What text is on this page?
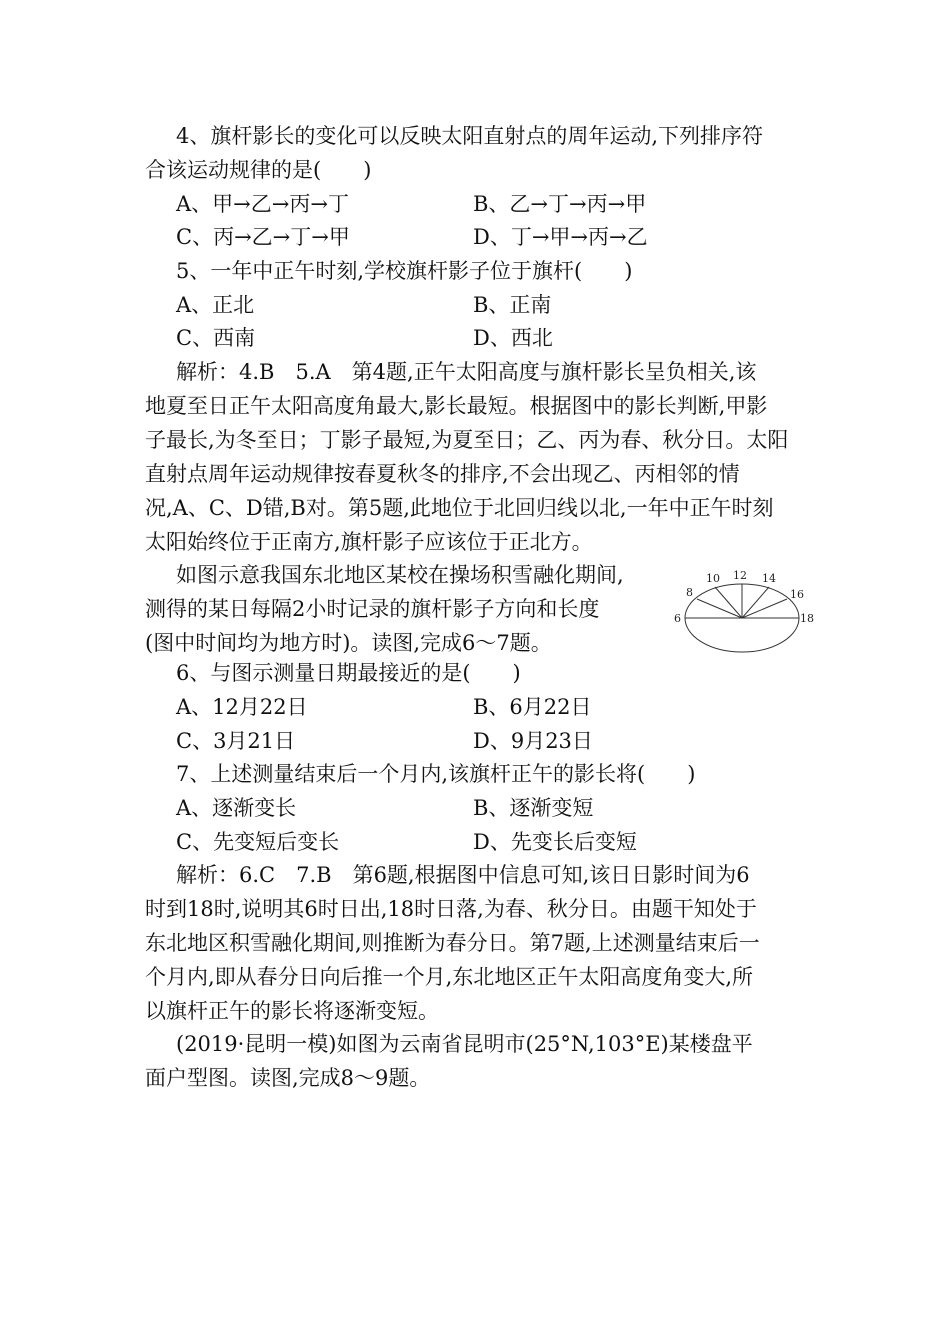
4、旗杆影长的变化可以反映太阳直射点的周年运动,下列排序符
合该运动规律的是(　　)
A、甲→乙→丙→丁	B、乙→丁→丙→甲
C、丙→乙→丁→甲	D、丁→甲→丙→乙
5、一年中正午时刻,学校旗杆影子位于旗杆(　　)
A、正北	B、正南
C、西南	D、西北
解析：4.B　5.A　第4题,正午太阳高度与旗杆影长呈负相关,该
地夏至日正午太阳高度角最大,影长最短。根据图中的影长判断,甲影
子最长,为冬至日；丁影子最短,为夏至日；乙、丙为春、秋分日。太阳
直射点周年运动规律按春夏秋冬的排序,不会出现乙、丙相邻的情
况,A、C、D错,B对。第5题,此地位于北回归线以北,一年中正午时刻
太阳始终位于正南方,旗杆影子应该位于正北方。
如图示意我国东北地区某校在操场积雪融化期间,
测得的某日每隔2小时记录的旗杆影子方向和长度
(图中时间均为地方时)。读图,完成6～7题。
6
8
10 12 14
16
18
6、与图示测量日期最接近的是(　　)
A、12月22日	B、6月22日
C、3月21日	D、9月23日
7、上述测量结束后一个月内,该旗杆正午的影长将(　　)
A、逐渐变长	B、逐渐变短
C、先变短后变长	D、先变长后变短
解析：6.C　7.B　第6题,根据图中信息可知,该日日影时间为6
时到18时,说明其6时日出,18时日落,为春、秋分日。由题干知处于
东北地区积雪融化期间,则推断为春分日。第7题,上述测量结束后一
个月内,即从春分日向后推一个月,东北地区正午太阳高度角变大,所
以旗杆正午的影长将逐渐变短。
(2019·昆明一模)如图为云南省昆明市(25°N,103°E)某楼盘平
面户型图。读图,完成8～9题。
